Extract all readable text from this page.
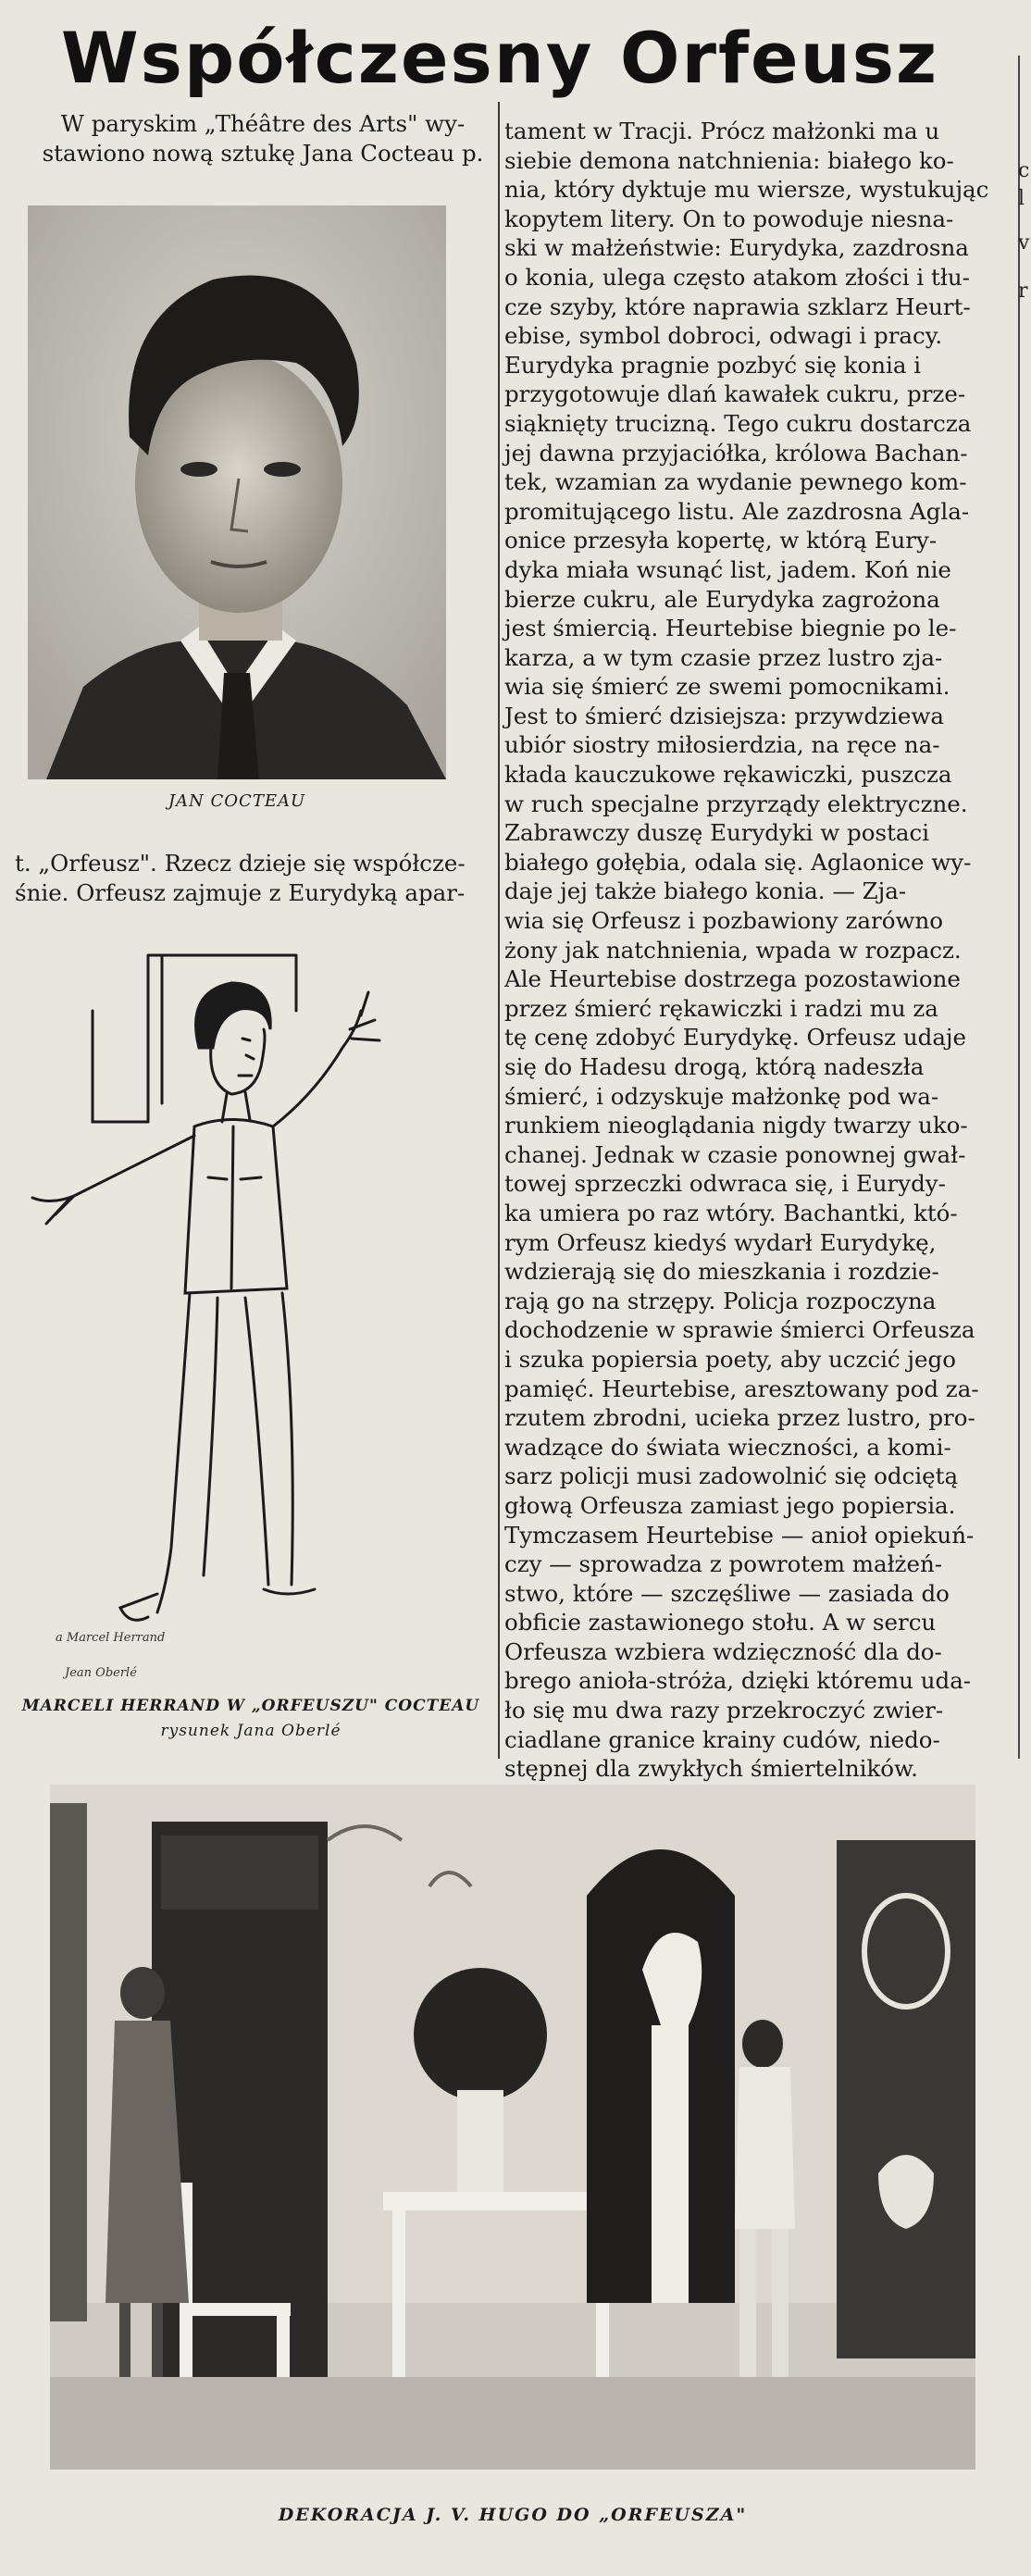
Współczesny Orfeusz

W paryskim „Théâtre des Arts" wy-

stawiono nową sztukę Jana Cocteau p.

JAN COCTEAU

t. „Orfeusz". Rzecz dzieje się współcze-

śnie. Orfeusz zajmuje z Eurydyką apar-

a Marcel Herrand
Jean Oberlé
MARCELI HERRAND W „ORFEUSZU" COCTEAU
rysunek Jana Oberlé

tament w Tracji. Prócz małżonki ma u

siebie demona natchnienia: białego ko-

nia, który dyktuje mu wiersze, wystukując

kopytem litery. On to powoduje niesna-

ski w małżeństwie: Eurydyka, zazdrosna

o konia, ulega często atakom złości i tłu-

cze szyby, które naprawia szklarz Heurt-

ebise, symbol dobroci, odwagi i pracy.

Eurydyka pragnie pozbyć się konia i

przygotowuje dlań kawałek cukru, prze-

siąknięty trucizną. Tego cukru dostarcza

jej dawna przyjaciółka, królowa Bachan-

tek, wzamian za wydanie pewnego kom-

promitującego listu. Ale zazdrosna Agla-

onice przesyła kopertę, w którą Eury-

dyka miała wsunąć list, jadem. Koń nie

bierze cukru, ale Eurydyka zagrożona

jest śmiercią. Heurtebise biegnie po le-

karza, a w tym czasie przez lustro zja-

wia się śmierć ze swemi pomocnikami.

Jest to śmierć dzisiejsza: przywdziewa

ubiór siostry miłosierdzia, na ręce na-

kłada kauczukowe rękawiczki, puszcza

w ruch specjalne przyrządy elektryczne.

Zabrawczy duszę Eurydyki w postaci

białego gołębia, odala się. Aglaonice wy-

daje jej także białego konia. — Zja-

wia się Orfeusz i pozbawiony zarówno

żony jak natchnienia, wpada w rozpacz.

Ale Heurtebise dostrzega pozostawione

przez śmierć rękawiczki i radzi mu za

tę cenę zdobyć Eurydykę. Orfeusz udaje

się do Hadesu drogą, którą nadeszła

śmierć, i odzyskuje małżonkę pod wa-

runkiem nieoglądania nigdy twarzy uko-

chanej. Jednak w czasie ponownej gwał-

towej sprzeczki odwraca się, i Eurydy-

ka umiera po raz wtóry. Bachantki, któ-

rym Orfeusz kiedyś wydarł Eurydykę,

wdzierają się do mieszkania i rozdzie-

rają go na strzępy. Policja rozpoczyna

dochodzenie w sprawie śmierci Orfeusza

i szuka popiersia poety, aby uczcić jego

pamięć. Heurtebise, aresztowany pod za-

rzutem zbrodni, ucieka przez lustro, pro-

wadzące do świata wieczności, a komi-

sarz policji musi zadowolnić się odciętą

głową Orfeusza zamiast jego popiersia.

Tymczasem Heurtebise — anioł opiekuń-

czy — sprowadza z powrotem małżeń-

stwo, które — szczęśliwe — zasiada do

obficie zastawionego stołu. A w sercu

Orfeusza wzbiera wdzięczność dla do-

brego anioła-stróża, dzięki któremu uda-

ło się mu dwa razy przekroczyć zwier-

ciadlane granice krainy cudów, niedo-

stępnej dla zwykłych śmiertelników.

c
l
v
r
DEKORACJA J. V. HUGO DO „ORFEUSZA"
